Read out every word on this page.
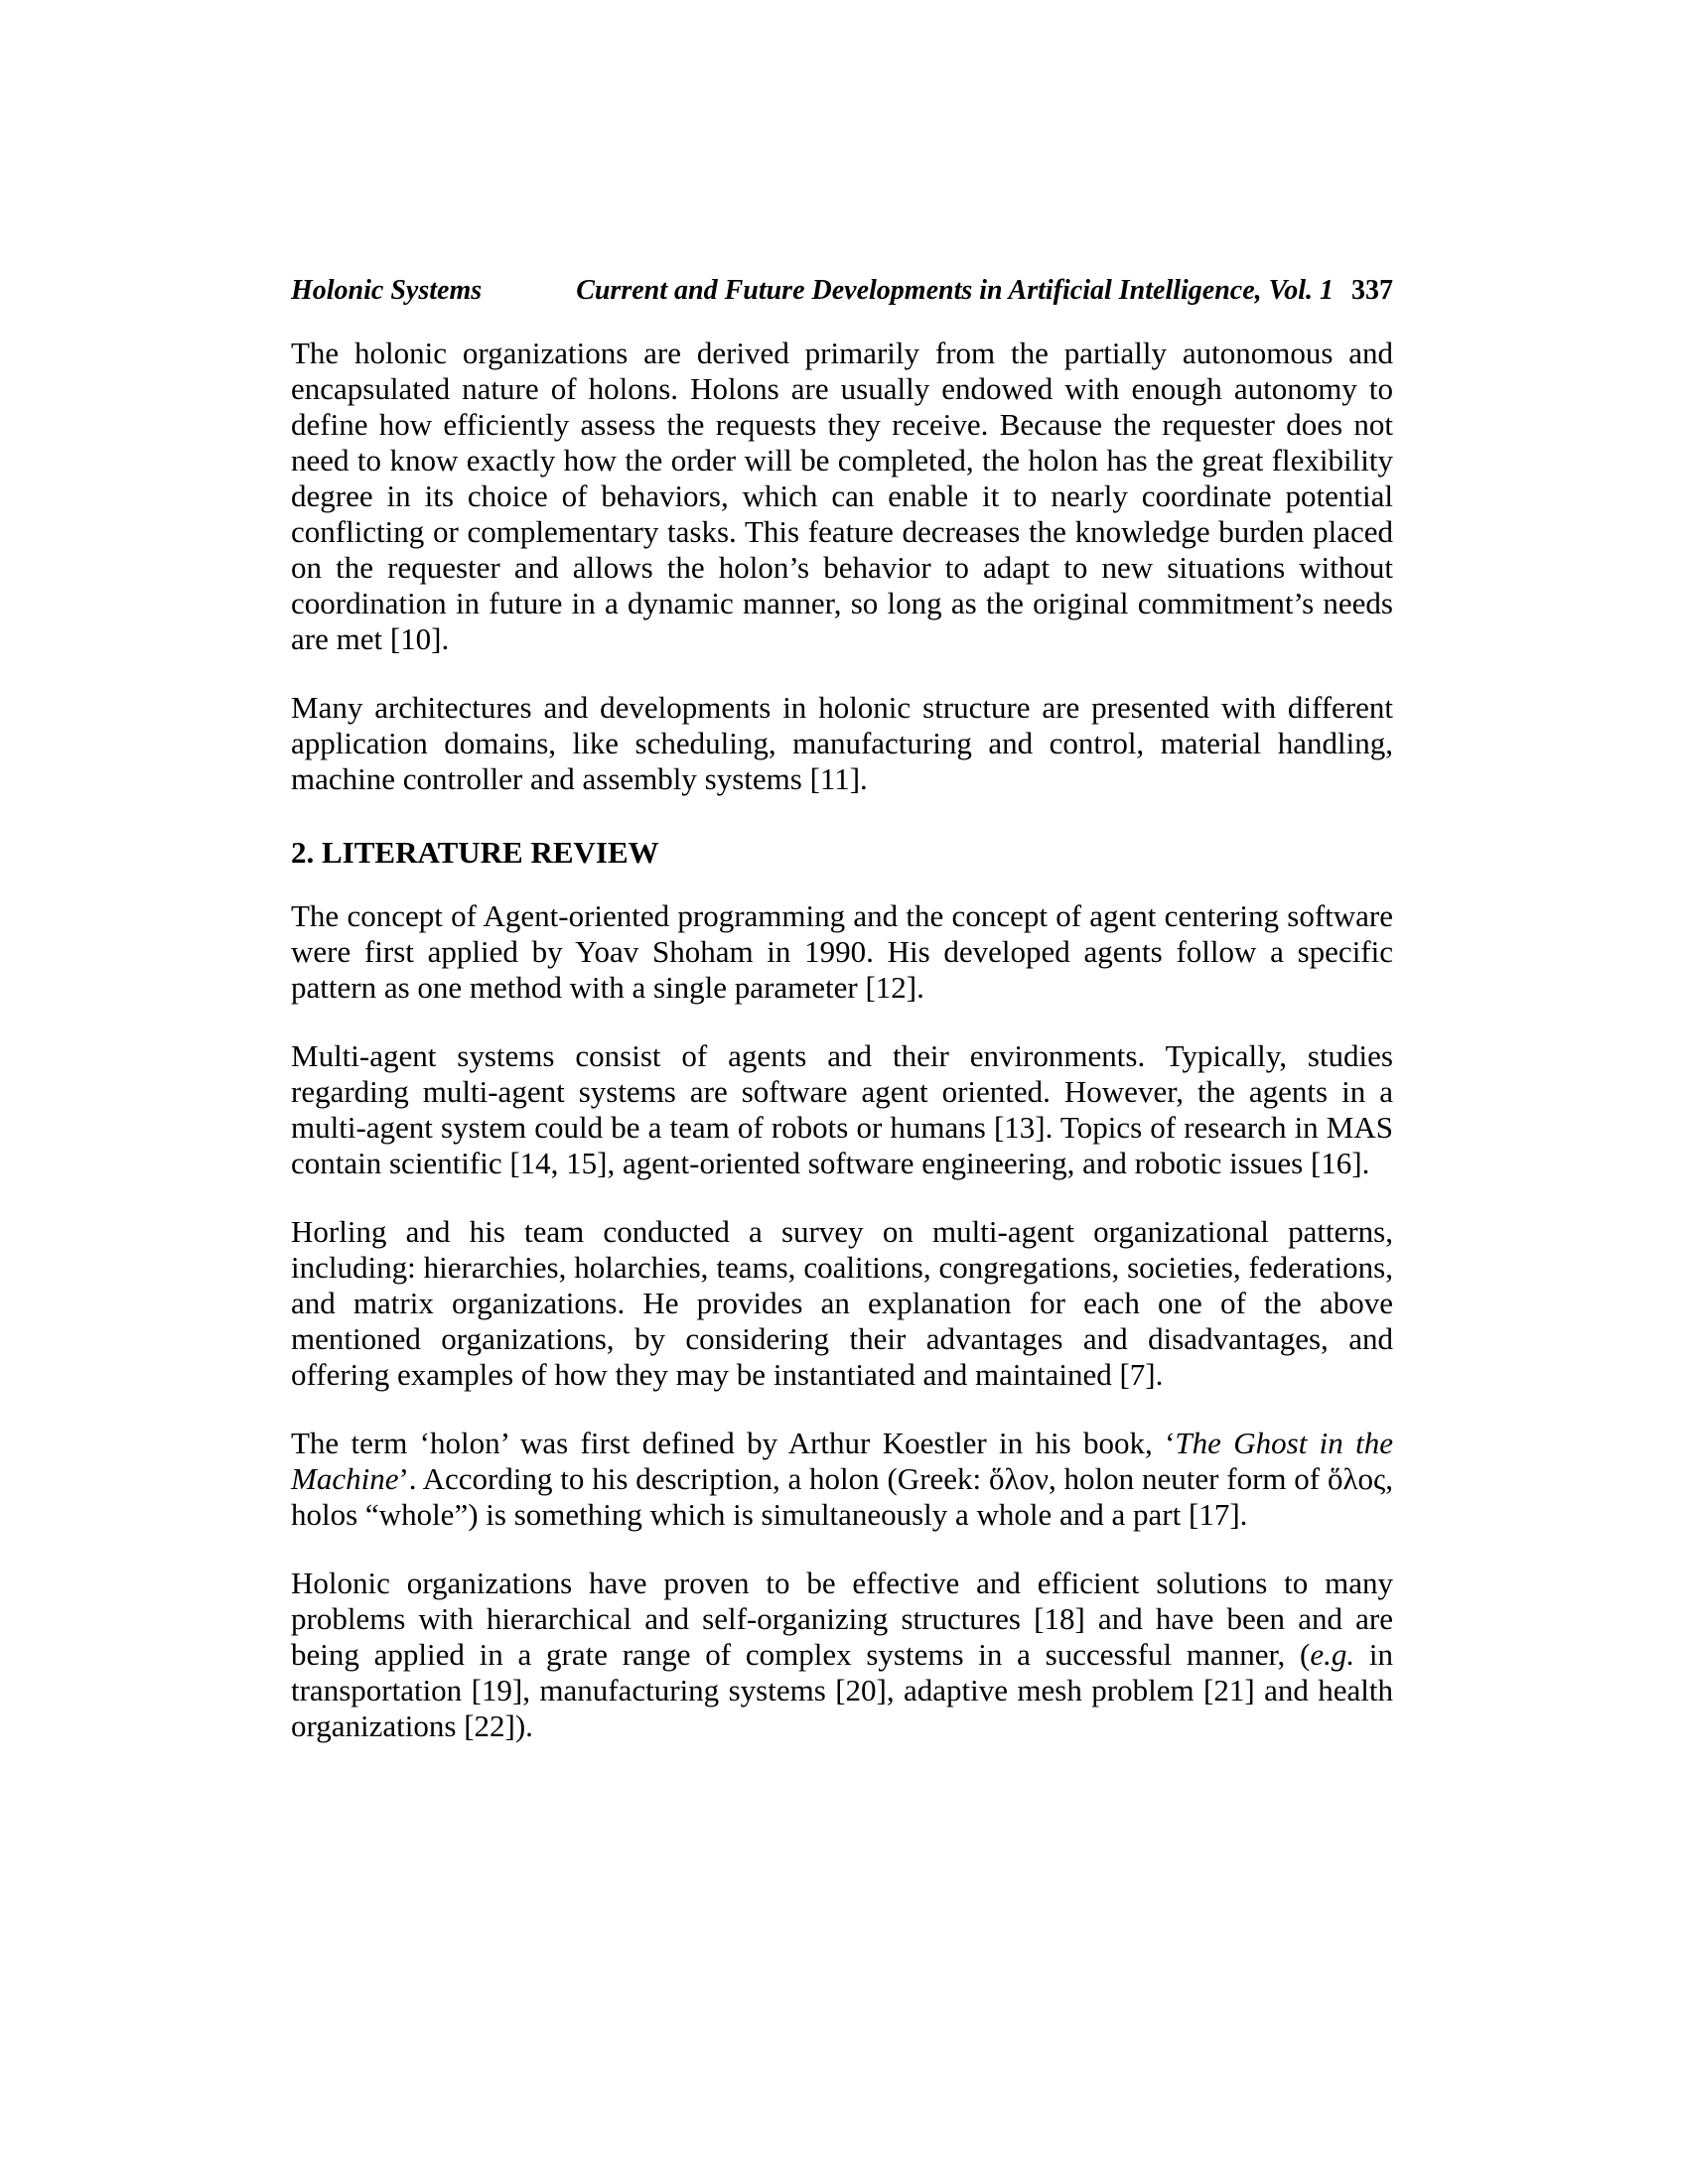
Holonic Systems	Current and Future Developments in Artificial Intelligence, Vol. 1 337

The holonic organizations are derived primarily from the partially autonomous and encapsulated nature of holons. Holons are usually endowed with enough autonomy to define how efficiently assess the requests they receive. Because the requester does not need to know exactly how the order will be completed, the holon has the great flexibility degree in its choice of behaviors, which can enable it to nearly coordinate potential conflicting or complementary tasks. This feature decreases the knowledge burden placed on the requester and allows the holon’s behavior to adapt to new situations without coordination in future in a dynamic manner, so long as the original commitment’s needs are met [10].

Many architectures and developments in holonic structure are presented with different application domains, like scheduling, manufacturing and control, material handling, machine controller and assembly systems [11].

2. LITERATURE REVIEW

The concept of Agent-oriented programming and the concept of agent centering software were first applied by Yoav Shoham in 1990. His developed agents follow a specific pattern as one method with a single parameter [12].

Multi-agent systems consist of agents and their environments. Typically, studies regarding multi-agent systems are software agent oriented. However, the agents in a multi-agent system could be a team of robots or humans [13]. Topics of research in MAS contain scientific [14, 15], agent-oriented software engineering, and robotic issues [16].

Horling and his team conducted a survey on multi-agent organizational patterns, including: hierarchies, holarchies, teams, coalitions, congregations, societies, federations, and matrix organizations. He provides an explanation for each one of the above mentioned organizations, by considering their advantages and disadvantages, and offering examples of how they may be instantiated and maintained [7].

The term ‘holon’ was first defined by Arthur Koestler in his book, ‘The Ghost in the Machine’. According to his description, a holon (Greek: ὅλον, holon neuter form of ὅλος, holos “whole”) is something which is simultaneously a whole and a part [17].

Holonic organizations have proven to be effective and efficient solutions to many problems with hierarchical and self-organizing structures [18] and have been and are being applied in a grate range of complex systems in a successful manner, (e.g. in transportation [19], manufacturing systems [20], adaptive mesh problem [21] and health organizations [22]).
